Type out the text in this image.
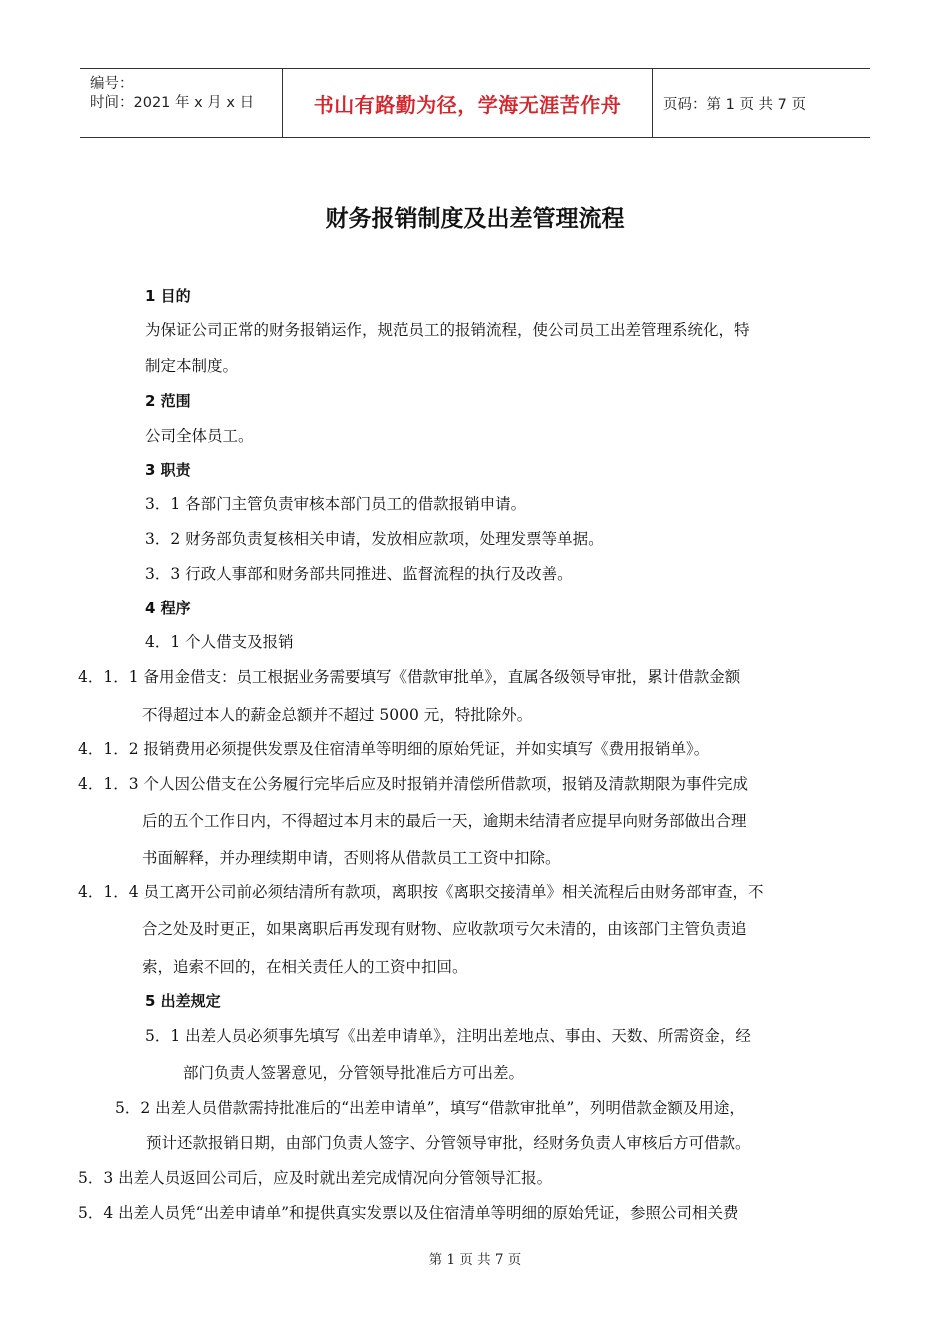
编号：
时间：2021 年 x 月 x 日	书山有路勤为径，学海无涯苦作舟	页码：第 1 页 共 7 页
财务报销制度及出差管理流程
1 目的
为保证公司正常的财务报销运作，规范员工的报销流程，使公司员工出差管理系统化，特
制定本制度。
2 范围
公司全体员工。
3 职责
3．1 各部门主管负责审核本部门员工的借款报销申请。
3．2 财务部负责复核相关申请，发放相应款项，处理发票等单据。
3．3 行政人事部和财务部共同推进、监督流程的执行及改善。
4 程序
4．1 个人借支及报销
4．1．1 备用金借支：员工根据业务需要填写《借款审批单》，直属各级领导审批，累计借款金额
不得超过本人的薪金总额并不超过 5000 元，特批除外。
4．1．2 报销费用必须提供发票及住宿清单等明细的原始凭证，并如实填写《费用报销单》。
4．1．3 个人因公借支在公务履行完毕后应及时报销并清偿所借款项，报销及清款期限为事件完成
后的五个工作日内，不得超过本月末的最后一天，逾期未结清者应提早向财务部做出合理
书面解释，并办理续期申请，否则将从借款员工工资中扣除。
4．1．4 员工离开公司前必须结清所有款项，离职按《离职交接清单》相关流程后由财务部审查，不
合之处及时更正，如果离职后再发现有财物、应收款项亏欠未清的，由该部门主管负责追
索，追索不回的，在相关责任人的工资中扣回。
5 出差规定
5．1 出差人员必须事先填写《出差申请单》，注明出差地点、事由、天数、所需资金，经
部门负责人签署意见，分管领导批准后方可出差。
5．2 出差人员借款需持批准后的“出差申请单”，填写“借款审批单”，列明借款金额及用途，
预计还款报销日期，由部门负责人签字、分管领导审批，经财务负责人审核后方可借款。
5．3 出差人员返回公司后，应及时就出差完成情况向分管领导汇报。
5．4 出差人员凭“出差申请单”和提供真实发票以及住宿清单等明细的原始凭证，参照公司相关费
第 1 页 共 7 页
